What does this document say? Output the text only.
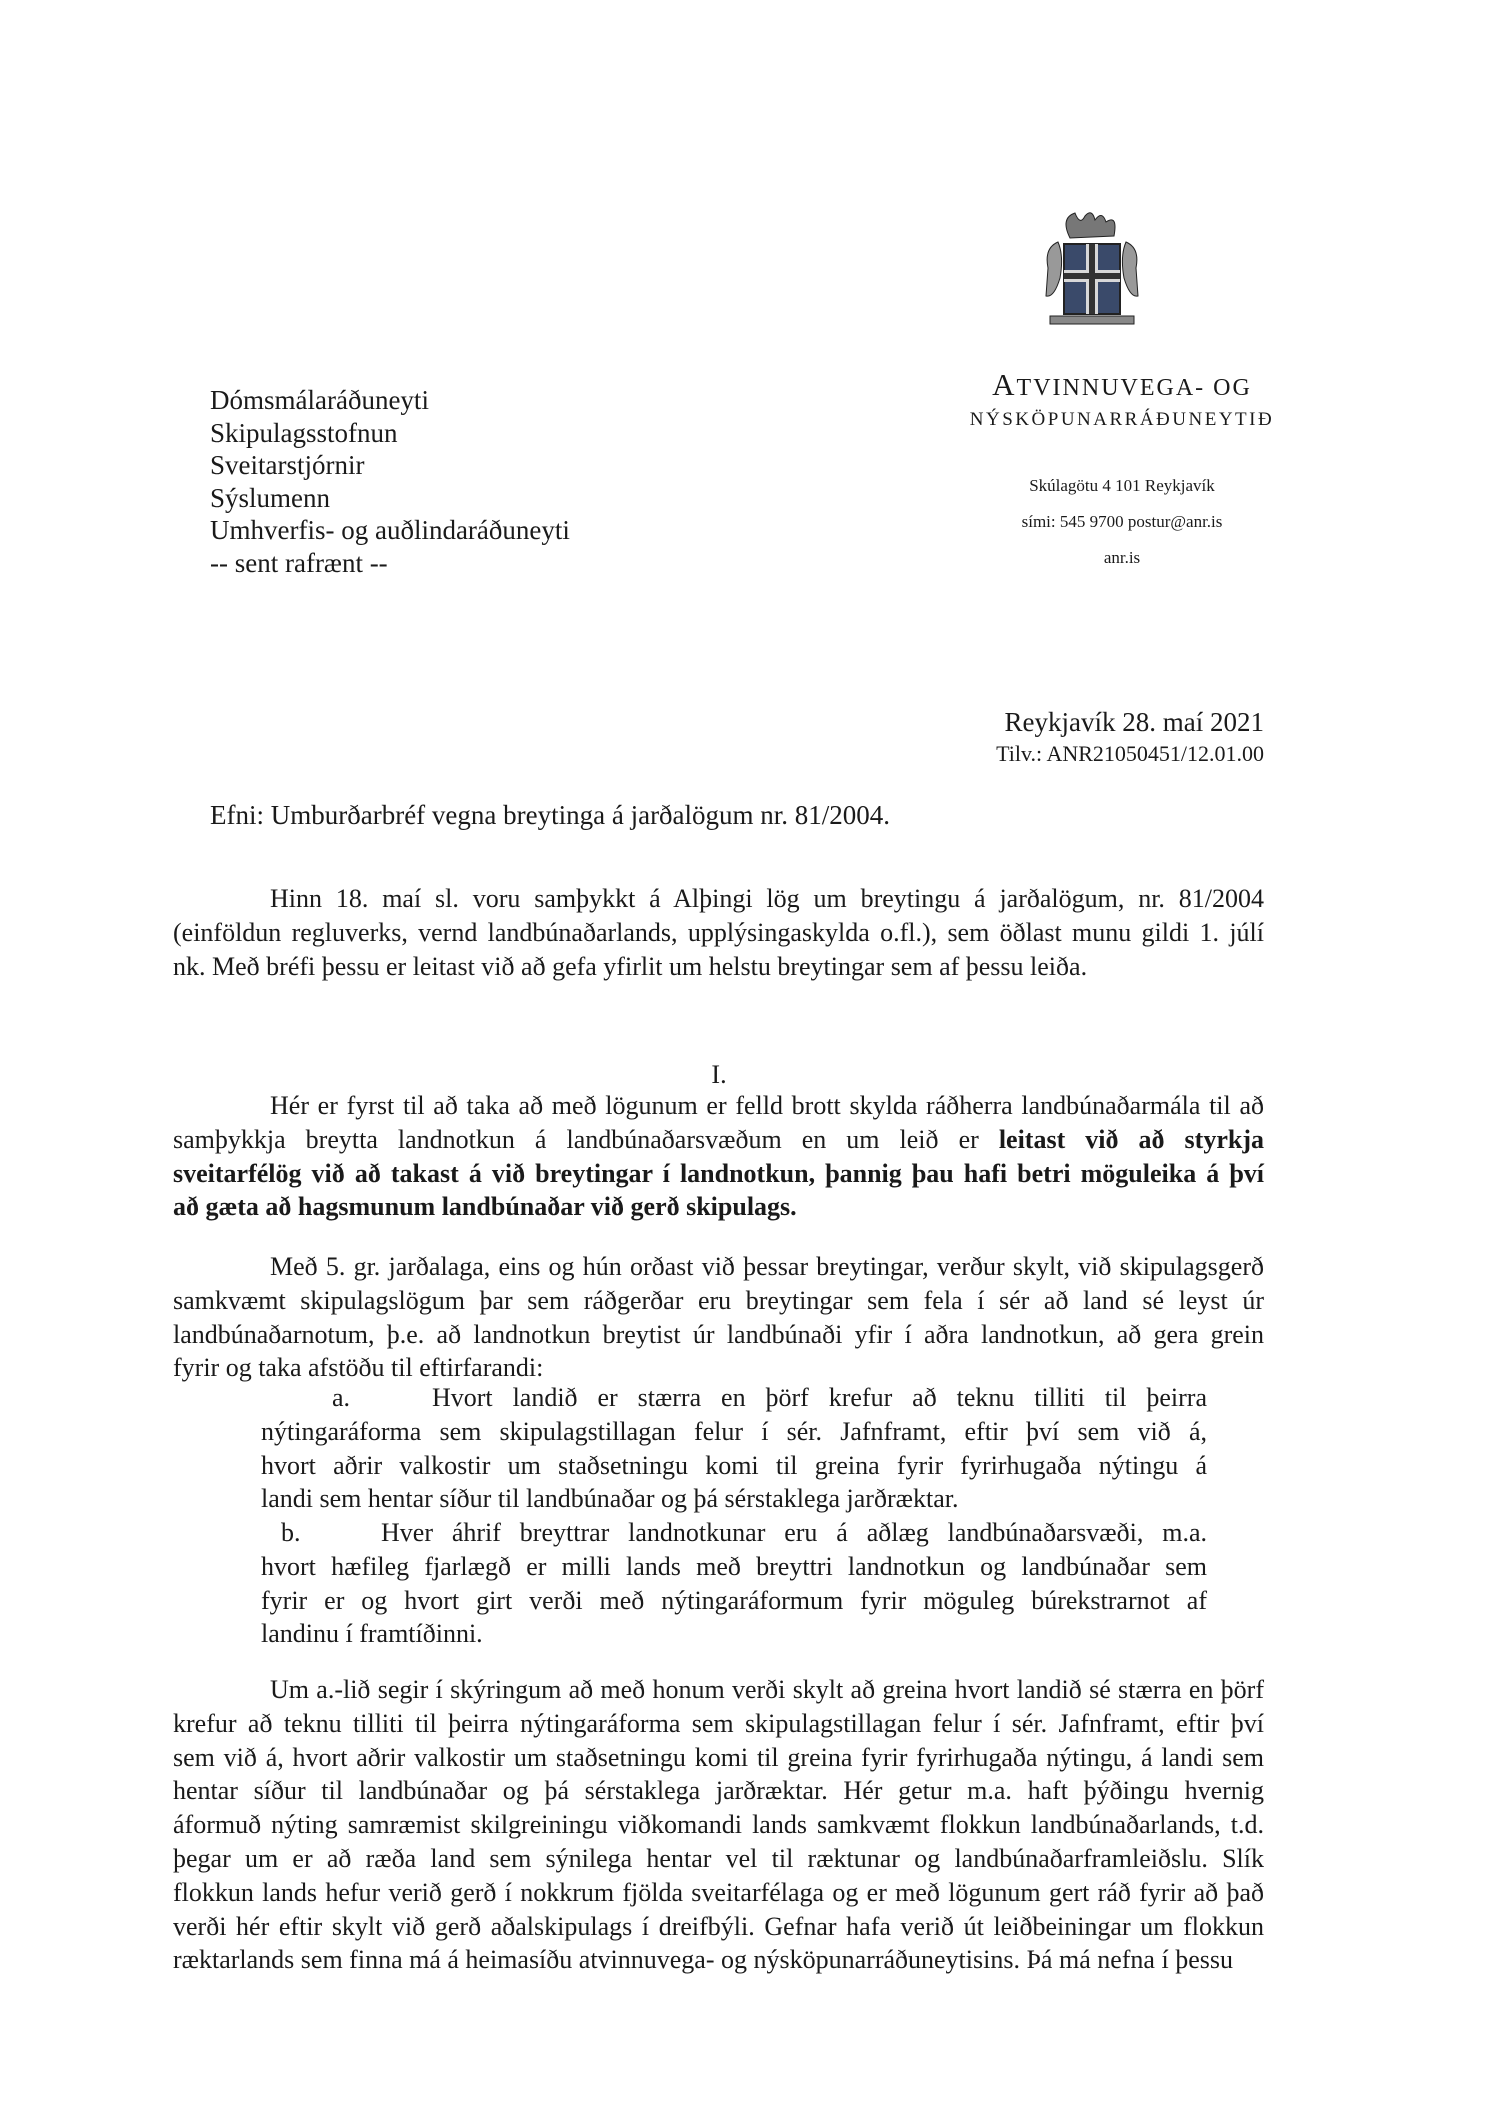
Dómsmálaráðuneyti
Skipulagsstofnun
Sveitarstjórnir
Sýslumenn
Umhverfis- og auðlindaráðuneyti
-- sent rafrænt --
ATVINNUVEGA- OG
NÝSKÖPUNARRÁÐUNEYTIÐ
Skúlagötu 4 101 Reykjavík
sími: 545 9700 postur@anr.is
anr.is
Reykjavík 28. maí 2021
Tilv.: ANR21050451/12.01.00
Efni: Umburðarbréf vegna breytinga á jarðalögum nr. 81/2004.
Hinn 18. maí sl. voru samþykkt á Alþingi lög um breytingu á jarðalögum, nr. 81/2004
(einföldun regluverks, vernd landbúnaðarlands, upplýsingaskylda o.fl.), sem öðlast munu gildi 1. júlí
nk. Með bréfi þessu er leitast við að gefa yfirlit um helstu breytingar sem af þessu leiða.
I.
Hér er fyrst til að taka að með lögunum er felld brott skylda ráðherra landbúnaðarmála til að
samþykkja breytta landnotkun á landbúnaðarsvæðum en um leið er leitast við að styrkja
sveitarfélög við að takast á við breytingar í landnotkun, þannig þau hafi betri möguleika á því
að gæta að hagsmunum landbúnaðar við gerð skipulags.
Með 5. gr. jarðalaga, eins og hún orðast við þessar breytingar, verður skylt, við skipulagsgerð
samkvæmt skipulagslögum þar sem ráðgerðar eru breytingar sem fela í sér að land sé leyst úr
landbúnaðarnotum, þ.e. að landnotkun breytist úr landbúnaði yfir í aðra landnotkun, að gera grein
fyrir og taka afstöðu til eftirfarandi:
a.	Hvort landið er stærra en þörf krefur að teknu tilliti til þeirra
nýtingaráforma sem skipulagstillagan felur í sér. Jafnframt, eftir því sem við á,
hvort aðrir valkostir um staðsetningu komi til greina fyrir fyrirhugaða nýtingu á
landi sem hentar síður til landbúnaðar og þá sérstaklega jarðræktar.
b.	Hver áhrif breyttrar landnotkunar eru á aðlæg landbúnaðarsvæði, m.a.
hvort hæfileg fjarlægð er milli lands með breyttri landnotkun og landbúnaðar sem
fyrir er og hvort girt verði með nýtingaráformum fyrir möguleg búrekstrarnot af
landinu í framtíðinni.
Um a.-lið segir í skýringum að með honum verði skylt að greina hvort landið sé stærra en þörf
krefur að teknu tilliti til þeirra nýtingaráforma sem skipulagstillagan felur í sér. Jafnframt, eftir því
sem við á, hvort aðrir valkostir um staðsetningu komi til greina fyrir fyrirhugaða nýtingu, á landi sem
hentar síður til landbúnaðar og þá sérstaklega jarðræktar. Hér getur m.a. haft þýðingu hvernig
áformuð nýting samræmist skilgreiningu viðkomandi lands samkvæmt flokkun landbúnaðarlands, t.d.
þegar um er að ræða land sem sýnilega hentar vel til ræktunar og landbúnaðarframleiðslu. Slík
flokkun lands hefur verið gerð í nokkrum fjölda sveitarfélaga og er með lögunum gert ráð fyrir að það
verði hér eftir skylt við gerð aðalskipulags í dreifbýli. Gefnar hafa verið út leiðbeiningar um flokkun
ræktarlands sem finna má á heimasíðu atvinnuvega- og nýsköpunarráðuneytisins. Þá má nefna í þessu
